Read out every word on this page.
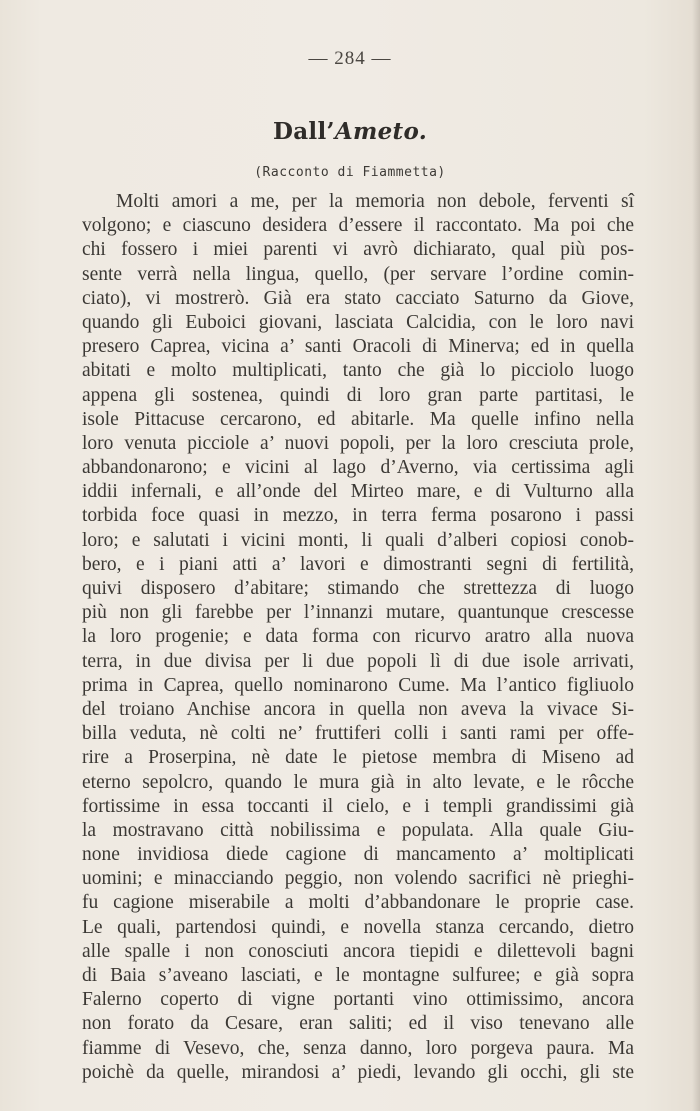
— 284 —
Dall’Ameto.
(Racconto di Fiammetta)
Molti amori a me, per la memoria non debole, ferventi sî
volgono; e ciascuno desidera d’essere il raccontato. Ma poi che
chi fossero i miei parenti vi avrò dichiarato, qual più pos-
sente verrà nella lingua, quello, (per servare l’ordine comin-
ciato), vi mostrerò. Già era stato cacciato Saturno da Giove,
quando gli Euboici giovani, lasciata Calcidia, con le loro navi
presero Caprea, vicina a’ santi Oracoli di Minerva; ed in quella
abitati e molto multiplicati, tanto che già lo picciolo luogo
appena gli sostenea, quindi di loro gran parte partitasi, le
isole Pittacuse cercarono, ed abitarle. Ma quelle infino nella
loro venuta picciole a’ nuovi popoli, per la loro cresciuta prole,
abbandonarono; e vicini al lago d’Averno, via certissima agli
iddii infernali, e all’onde del Mirteo mare, e di Vulturno alla
torbida foce quasi in mezzo, in terra ferma posarono i passi
loro; e salutati i vicini monti, li quali d’alberi copiosi conob-
bero, e i piani atti a’ lavori e dimostranti segni di fertilità,
quivi disposero d’abitare; stimando che strettezza di luogo
più non gli farebbe per l’innanzi mutare, quantunque crescesse
la loro progenie; e data forma con ricurvo aratro alla nuova
terra, in due divisa per li due popoli lì di due isole arrivati,
prima in Caprea, quello nominarono Cume. Ma l’antico figliuolo
del troiano Anchise ancora in quella non aveva la vivace Si-
billa veduta, nè colti ne’ fruttiferi colli i santi rami per offe-
rire a Proserpina, nè date le pietose membra di Miseno ad
eterno sepolcro, quando le mura già in alto levate, e le rôcche
fortissime in essa toccanti il cielo, e i templi grandissimi già
la mostravano città nobilissima e populata. Alla quale Giu-
none invidiosa diede cagione di mancamento a’ moltiplicati
uomini; e minacciando peggio, non volendo sacrifici nè prieghi-
fu cagione miserabile a molti d’abbandonare le proprie case.
Le quali, partendosi quindi, e novella stanza cercando, dietro
alle spalle i non conosciuti ancora tiepidi e dilettevoli bagni
di Baia s’aveano lasciati, e le montagne sulfuree; e già sopra
Falerno coperto di vigne portanti vino ottimissimo, ancora
non forato da Cesare, eran saliti; ed il viso tenevano alle
fiamme di Vesevo, che, senza danno, loro porgeva paura. Ma
poichè da quelle, mirandosi a’ piedi, levando gli occhi, gli ste
